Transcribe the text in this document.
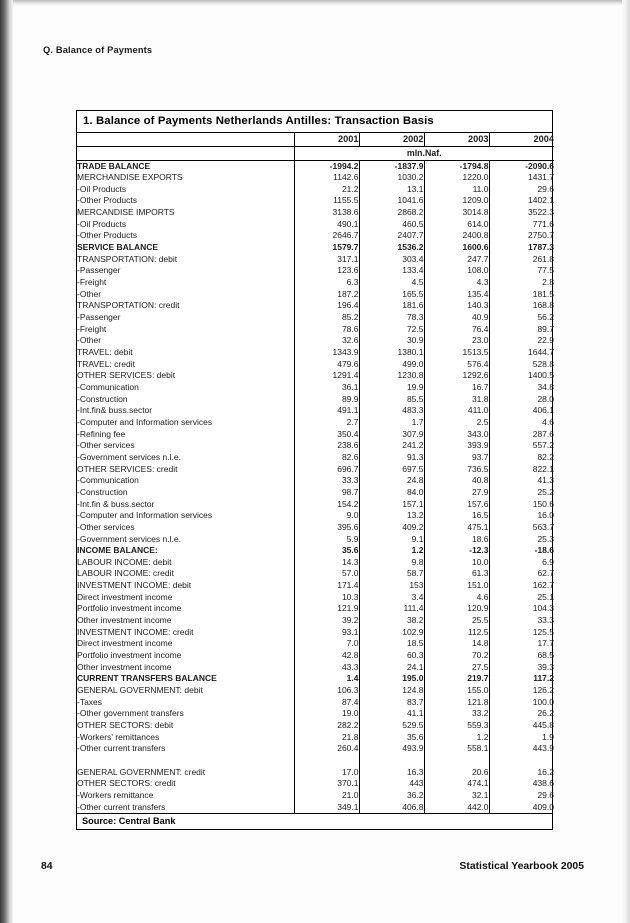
Q. Balance of Payments
1. Balance of Payments Netherlands Antilles: Transaction Basis
	2001	2002	2003	2004
	mln.Naf.			
TRADE BALANCE	-1994.2	-1837.9	-1794.8	-2090.6
MERCHANDISE EXPORTS	1142.6	1030.2	1220.0	1431.7
-Oil Products	21.2	13.1	11.0	29.6
-Other Products	1155.5	1041.6	1209.0	1402.1
MERCANDISE IMPORTS	3138.6	2868.2	3014.8	3522.3
-Oil Products	490.1	460.5	614.0	771.6
-Other Products	2646.7	2407.7	2400.8	2750.7
SERVICE BALANCE	1579.7	1536.2	1600.6	1787.3
TRANSPORTATION: debit	317.1	303.4	247.7	261.8
-Passenger	123.6	133.4	108.0	77.5
-Freight	6.3	4.5	4.3	2.8
-Other	187.2	165.5	135.4	181.5
TRANSPORTATION: credit	196.4	181.6	140.3	168.8
-Passenger	85.2	78.3	40.9	56.2
-Freight	78.6	72.5	76.4	89.7
-Other	32.6	30.9	23.0	22.9
TRAVEL: debit	1343.9	1380.1	1513.5	1644.7
TRAVEL: credit	479.6	499.0	576.4	528.8
OTHER SERVICES: debit	1291.4	1230.8	1292.6	1400.5
-Communication	36.1	19.9	16.7	34.8
-Construction	89.9	85.5	31.8	28.0
-Int.fin& buss.sector	491.1	483.3	411.0	406.1
-Computer and Information services	2.7	1.7	2.5	4.6
-Refining fee	350.4	307.9	343.0	287.6
-Other services	238.6	241.2	393.9	557.2
-Government services n.l.e.	82.6	91.3	93.7	82.2
OTHER SERVICES: credit	696.7	697.5	736.5	822.1
-Communication	33.3	24.8	40.8	41.3
-Construction	98.7	84.0	27.9	25.2
-Int.fin & buss.sector	154.2	157.1	157.6	150.6
-Computer and Information services	9.0	13.2	16.5	16.0
-Other services	395.6	409.2	475.1	563.7
-Government services n.l.e.	5.9	9.1	18.6	25.3
INCOME BALANCE:	35.6	1.2	-12.3	-18.6
LABOUR INCOME: debit	14.3	9.8	10.0	6.9
LABOUR INCOME: credit	57.0	58.7	61.3	62.7
INVESTMENT INCOME: debit	171.4	153	151.0	162.7
Direct investment income	10.3	3.4	4.6	25.1
Portfolio investment income	121.9	111.4	120.9	104.3
Other investment income	39.2	38.2	25.5	33.3
INVESTMENT INCOME: credit	93.1	102.9	112.5	125.5
Direct investment income	7.0	18.5	14.8	17.7
Portfolio investment income	42.8	60.3	70.2	68.5
Other investment income	43.3	24.1	27.5	39.3
CURRENT TRANSFERS BALANCE	1.4	195.0	219.7	117.2
GENERAL GOVERNMENT: debit	106.3	124.8	155.0	126.2
-Taxes	87.4	83.7	121.8	100.0
-Other government transfers	19.0	41.1	33.2	26.2
OTHER SECTORS: debit	282.2	529.5	559.3	445.8
-Workers' remittances	21.8	35.6	1.2	1.9
-Other current transfers	260.4	493.9	558.1	443.9

GENERAL GOVERNMENT: credit	17.0	16.3	20.6	16.2
OTHER SECTORS: credit	370.1	443	474.1	438.6
-Workers remittance	21.0	36.2	32.1	29.6
-Other current transfers	349.1	406.8	442.0	409.0
Source: Central Bank
84	Statistical Yearbook 2005
